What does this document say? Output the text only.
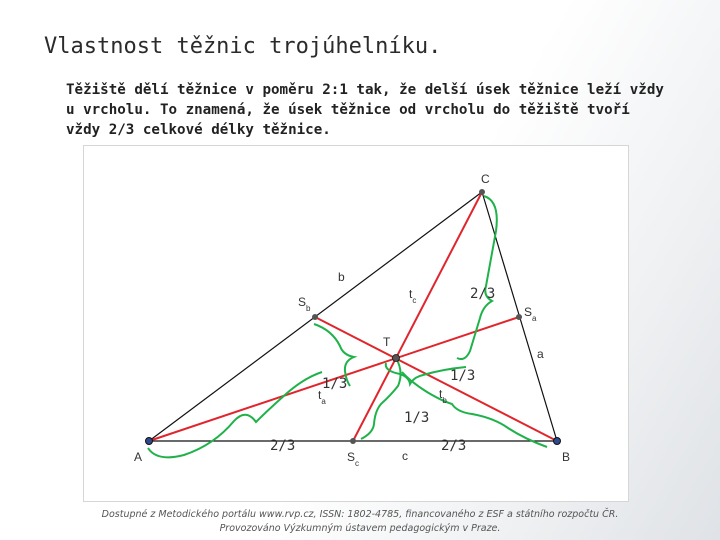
Vlastnost těžnic trojúhelníku.
Těžiště dělí těžnice v poměru 2:1 tak, že delší úsek těžnice leží vždy
u vrcholu. To znamená, že úsek těžnice od vrcholu do těžiště tvoří
vždy 2/3 celkové délky těžnice.
C
A	B
T
$S_b$	$S_a$
$S_c$
b
a
c
$t_c$
$t_a$
$t_b$
2/3
1/3	1/3
1/3
2/3	2/3
Dostupné z Metodického portálu www.rvp.cz, ISSN: 1802-4785, financovaného z ESF a státního rozpočtu ČR.
Provozováno Výzkumným ústavem pedagogickým v Praze.
